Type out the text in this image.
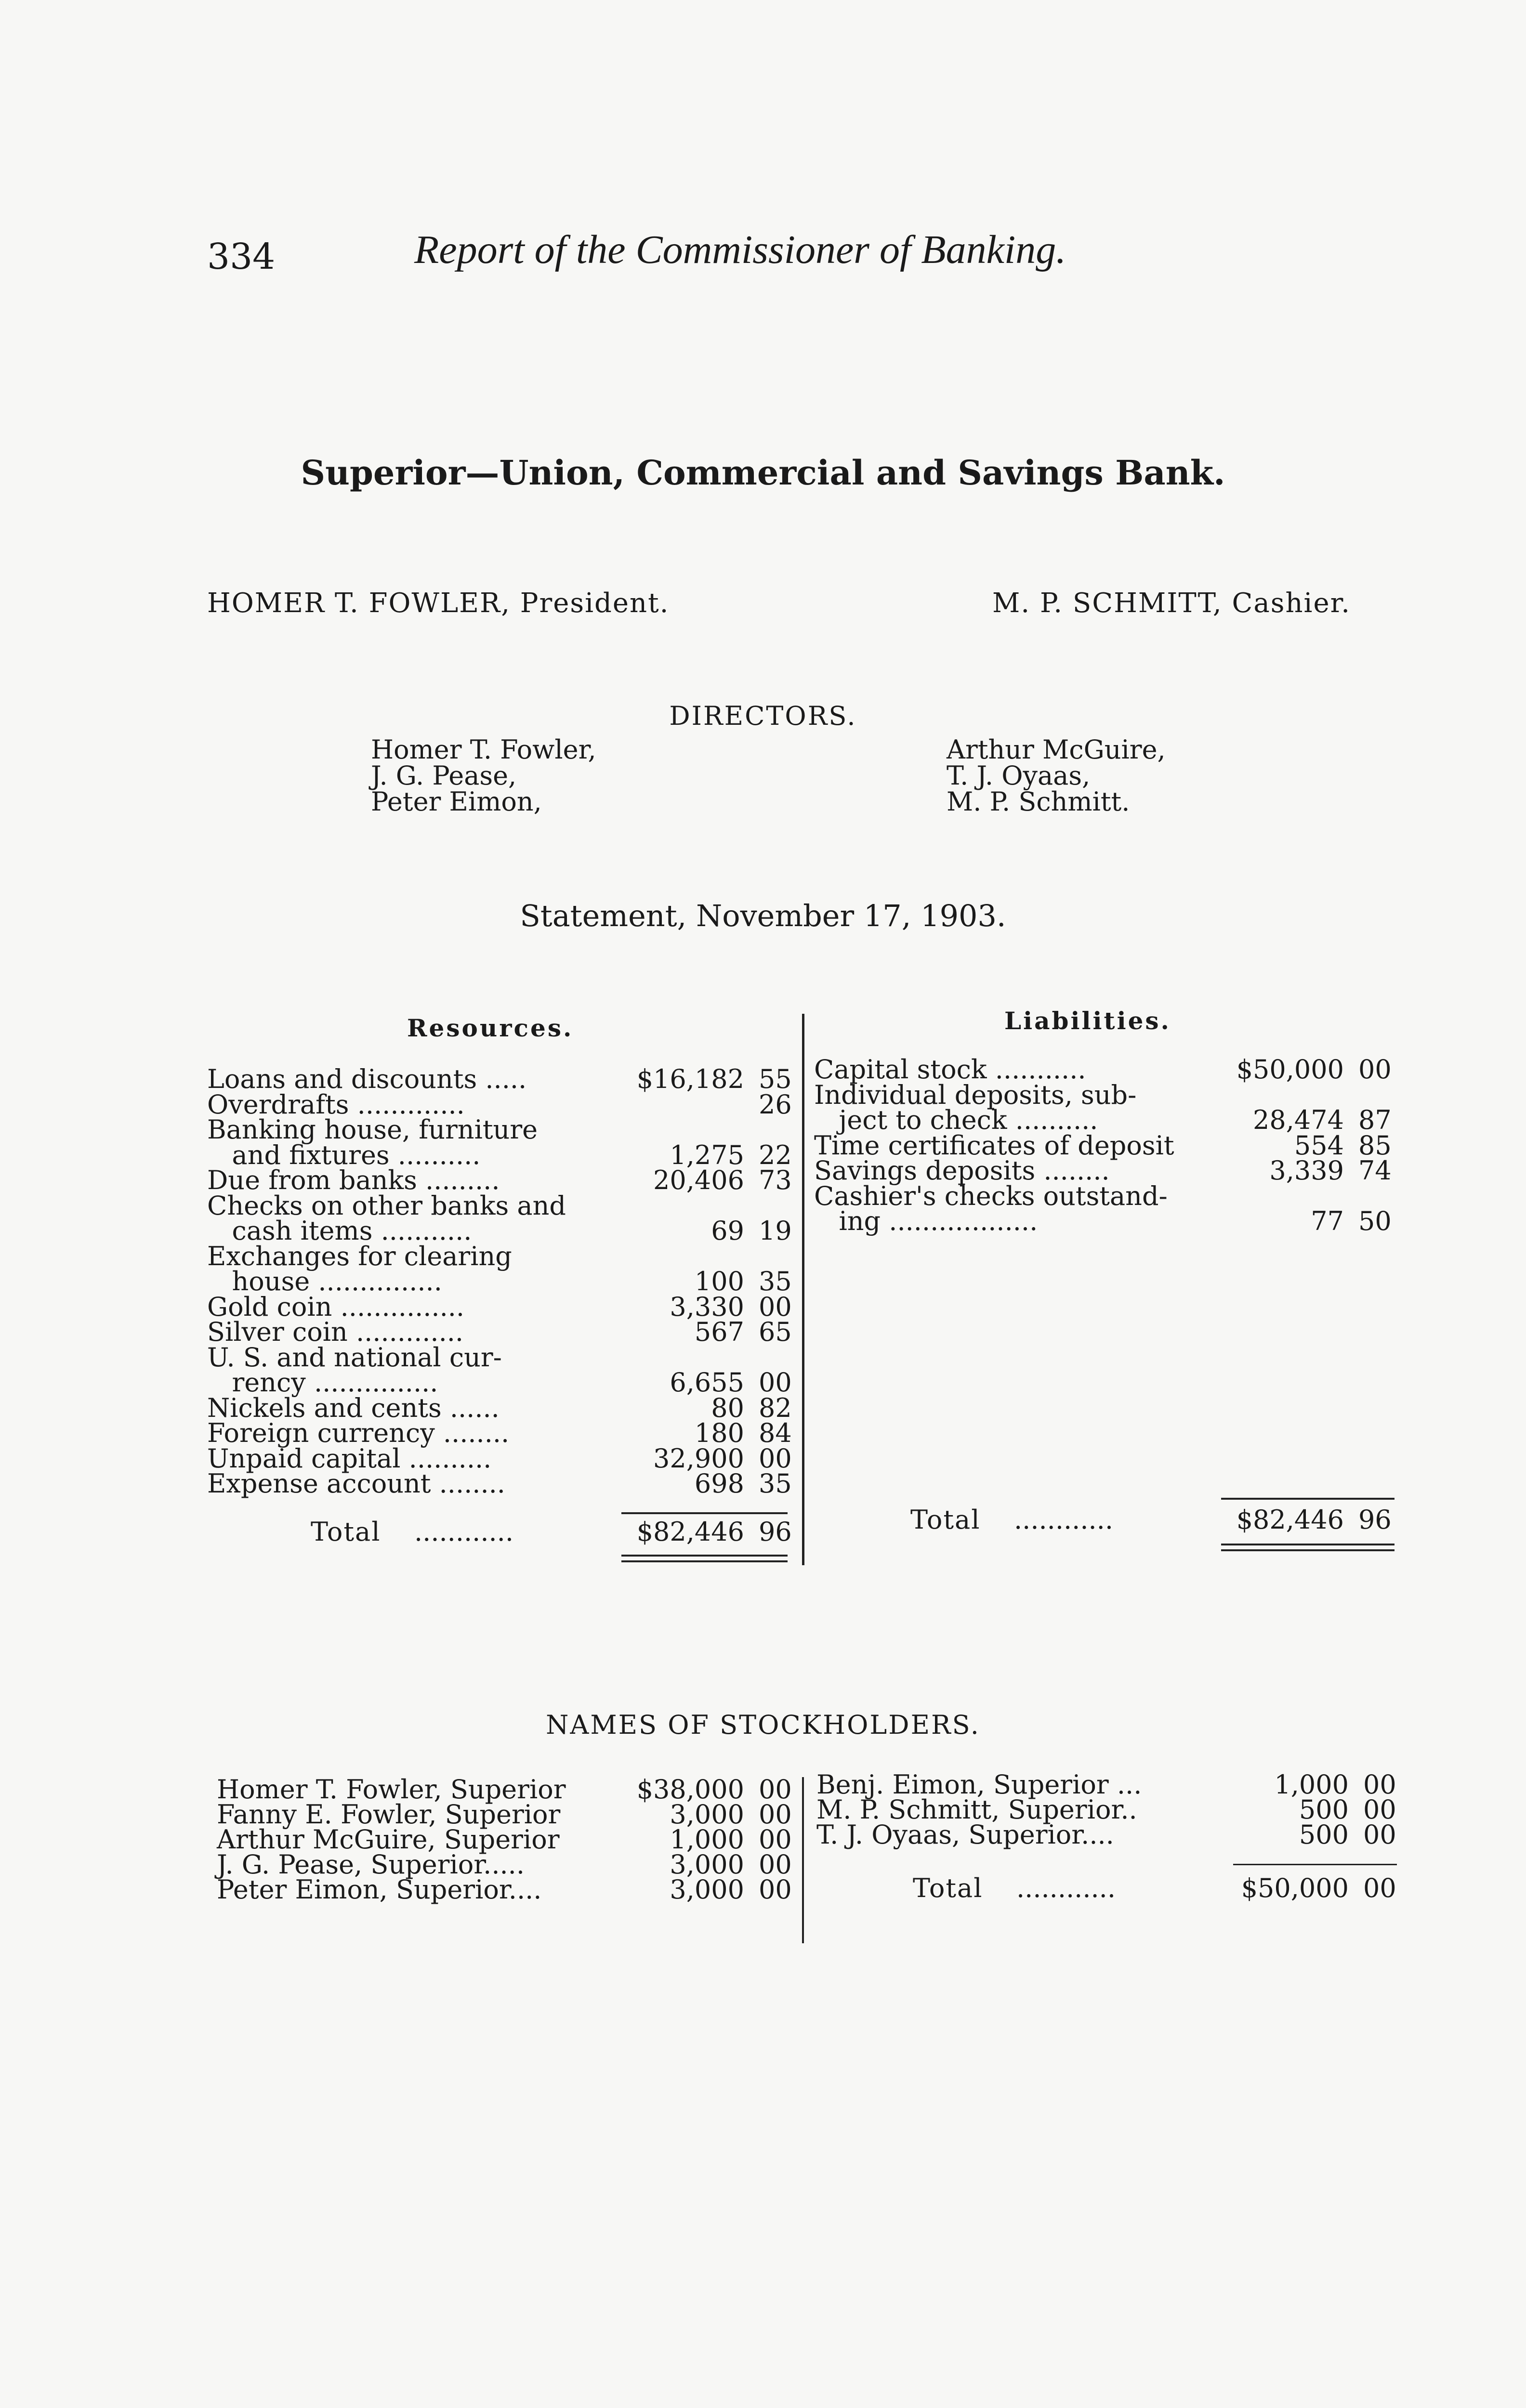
334	Report of the Commissioner of Banking.
Superior—Union, Commercial and Savings Bank.
HOMER T. FOWLER, President.	M. P. SCHMITT, Cashier.
DIRECTORS.
Homer T. Fowler,
J. G. Pease,
Peter Eimon,
Arthur McGuire,
T. J. Oyaas,
M. P. Schmitt.
Statement, November 17, 1903.
Resources.	Liabilities.
Loans and discounts .....	$16,182 55
Overdrafts .............	26
Banking house, furniture
and fixtures ..........	1,275 22
Due from banks .........	20,406 73
Checks on other banks and
cash items ...........	69 19
Exchanges for clearing
house ...............	100 35
Gold coin ...............	3,330 00
Silver coin .............	567 65
U. S. and national cur-
rency ...............	6,655 00
Nickels and cents ......	80 82
Foreign currency ........	180 84
Unpaid capital ..........	32,900 00
Expense account ........	698 35
Capital stock ...........	$50,000 00
Individual deposits, sub-
ject to check ..........	28,474 87
Time certificates of deposit	554 85
Savings deposits ........	3,339 74
Cashier's checks outstand-
ing ..................	77 50
Total ............	$82,446 96	Total ............	$82,446 96
NAMES OF STOCKHOLDERS.
Homer T. Fowler, Superior	$38,000 00
Fanny E. Fowler, Superior	3,000 00
Arthur McGuire, Superior	1,000 00
J. G. Pease, Superior.....	3,000 00
Peter Eimon, Superior....	3,000 00
Benj. Eimon, Superior ...	1,000 00
M. P. Schmitt, Superior..	500 00
T. J. Oyaas, Superior....	500 00
Total ............	$50,000 00
